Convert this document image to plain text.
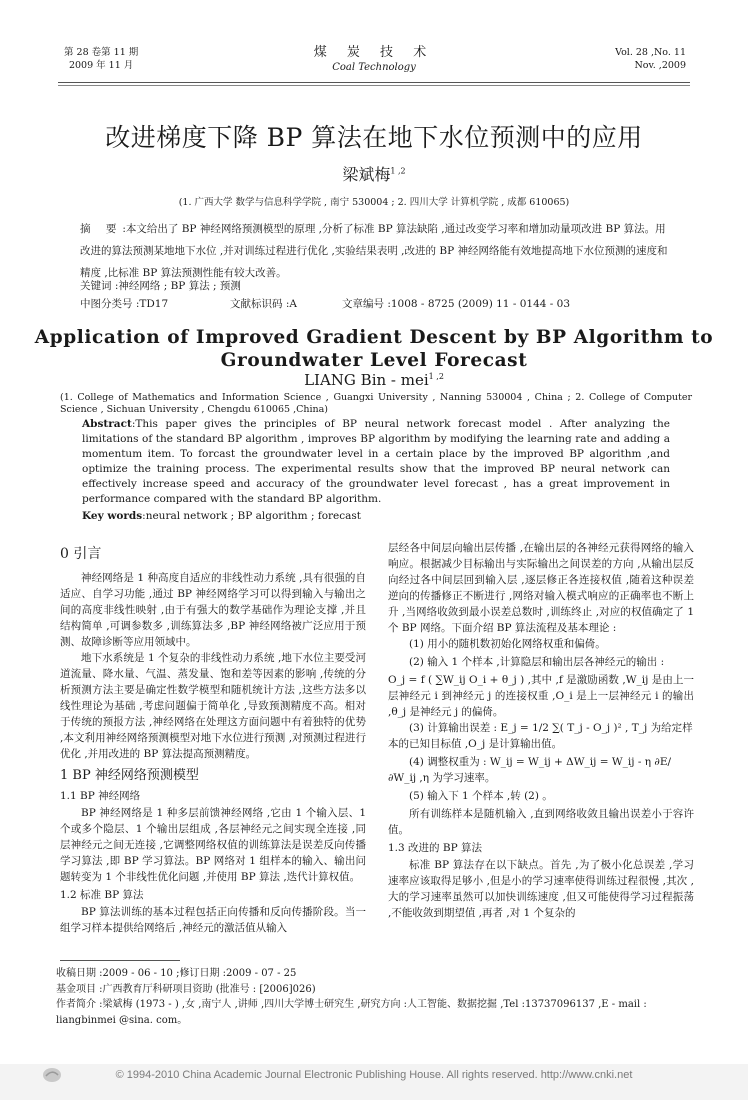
第 28 卷第 11 期
2009 年 11 月
煤 炭 技 术
Coal Technology
Vol. 28 ,No. 11
Nov. ,2009
改进梯度下降 BP 算法在地下水位预测中的应用
梁斌梅$^{1 ,2}$
(1. 广西大学 数学与信息科学学院 , 南宁 530004 ; 2. 四川大学 计算机学院 , 成都 610065)
摘 要:本文给出了 BP 神经网络预测模型的原理 ,分析了标准 BP 算法缺陷 ,通过改变学习率和增加动量项改进 BP 算法。用改进的算法预测某地地下水位 ,并对训练过程进行优化 ,实验结果表明 ,改进的 BP 神经网络能有效地提高地下水位预测的速度和精度 ,比标准 BP 算法预测性能有较大改善。
关键词 :神经网络 ; BP 算法 ; 预测
中图分类号 :TD17	文献标识码 :A	文章编号 :1008 - 8725 (2009) 11 - 0144 - 03
Application of Improved Gradient Descent by BP Algorithm to Groundwater Level Forecast
LIANG Bin - mei$^{1 ,2}$
(1. College of Mathematics and Information Science , Guangxi University , Nanning 530004 , China ; 2. College of Computer Science , Sichuan University , Chengdu 610065 ,China)
Abstract:This paper gives the principles of BP neural network forecast model . After analyzing the limitations of the standard BP algorithm , improves BP algorithm by modifying the learning rate and adding a momentum item. To forcast the groundwater level in a certain place by the improved BP algorithm ,and optimize the training process. The experimental results show that the improved BP neural network can effectively increase speed and accuracy of the groundwater level forecast , has a great improvement in performance compared with the standard BP algorithm.
Key words:neural network ; BP algorithm ; forecast
0 引言

神经网络是 1 种高度自适应的非线性动力系统 ,具有很强的自适应、自学习功能 ,通过 BP 神经网络学习可以得到输入与输出之间的高度非线性映射 ,由于有强大的数学基础作为理论支撑 ,并且结构简单 ,可调参数多 ,训练算法多 ,BP 神经网络被广泛应用于预测、故障诊断等应用领域中。

地下水系统是 1 个复杂的非线性动力系统 ,地下水位主要受河道流量、降水量、气温、蒸发量、饱和差等因素的影响 ,传统的分析预测方法主要是确定性数学模型和随机统计方法 ,这些方法多以线性理论为基础 ,考虑问题偏于简单化 ,导致预测精度不高。相对于传统的预报方法 ,神经网络在处理这方面问题中有着独特的优势 ,本文利用神经网络预测模型对地下水位进行预测 ,对预测过程进行优化 ,并用改进的 BP 算法提高预测精度。

1 BP 神经网络预测模型
1.1 BP 神经网络

BP 神经网络是 1 种多层前馈神经网络 ,它由 1 个输入层、1 个或多个隐层、1 个输出层组成 ,各层神经元之间实现全连接 ,同层神经元之间无连接 ,它调整网络权值的训练算法是误差反向传播学习算法 ,即 BP 学习算法。BP 网络对 1 组样本的输入、输出问题转变为 1 个非线性优化问题 ,并使用 BP 算法 ,迭代计算权值。

1.2 标准 BP 算法

BP 算法训练的基本过程包括正向传播和反向传播阶段。当一组学习样本提供给网络后 ,神经元的激活值从输入

层经各中间层向输出层传播 ,在输出层的各神经元获得网络的输入响应。根据减少目标输出与实际输出之间误差的方向 ,从输出层反向经过各中间层回到输入层 ,逐层修正各连接权值 ,随着这种误差逆向的传播修正不断进行 ,网络对输入模式响应的正确率也不断上升 ,当网络收敛到最小误差总数时 ,训练终止 ,对应的权值确定了 1 个 BP 网络。下面介绍 BP 算法流程及基本理论 :

(1) 用小的随机数初始化网络权重和偏倚。

(2) 输入 1 个样本 ,计算隐层和输出层各神经元的输出 :

O_j = f ( ∑W_ij O_i + θ_j ) ,其中 ,f 是激励函数 ,W_ij 是由上一层神经元 i 到神经元 j 的连接权重 ,O_i 是上一层神经元 i 的输出 ,θ_j 是神经元 j 的偏倚。

(3) 计算输出误差 : E_j = 1/2 ∑( T_j - O_j )² , T_j 为给定样本的已知目标值 ,O_j 是计算输出值。

(4) 调整权重为 : W_ij = W_ij + ΔW_ij = W_ij - η ∂E/∂W_ij ,η 为学习速率。

(5) 输入下 1 个样本 ,转 (2) 。

所有训练样本是随机输入 ,直到网络收敛且输出误差小于容许值。

1.3 改进的 BP 算法

标准 BP 算法存在以下缺点。首先 ,为了极小化总误差 ,学习速率应该取得足够小 ,但是小的学习速率使得训练过程很慢 ,其次 ,大的学习速率虽然可以加快训练速度 ,但又可能使得学习过程振荡 ,不能收敛到期望值 ,再者 ,对 1 个复杂的

收稿日期 :2009 - 06 - 10 ;修订日期 :2009 - 07 - 25
基金项目 :广西教育厅科研项目资助 (批准号 : [2006]026)
作者简介 :梁斌梅 (1973 - ) ,女 ,南宁人 ,讲师 ,四川大学博士研究生 ,研究方向 :人工智能、数据挖掘 ,Tel :13737096137 ,E - mail : liangbinmei @sina. com。
© 1994-2010 China Academic Journal Electronic Publishing House. All rights reserved. http://www.cnki.net
